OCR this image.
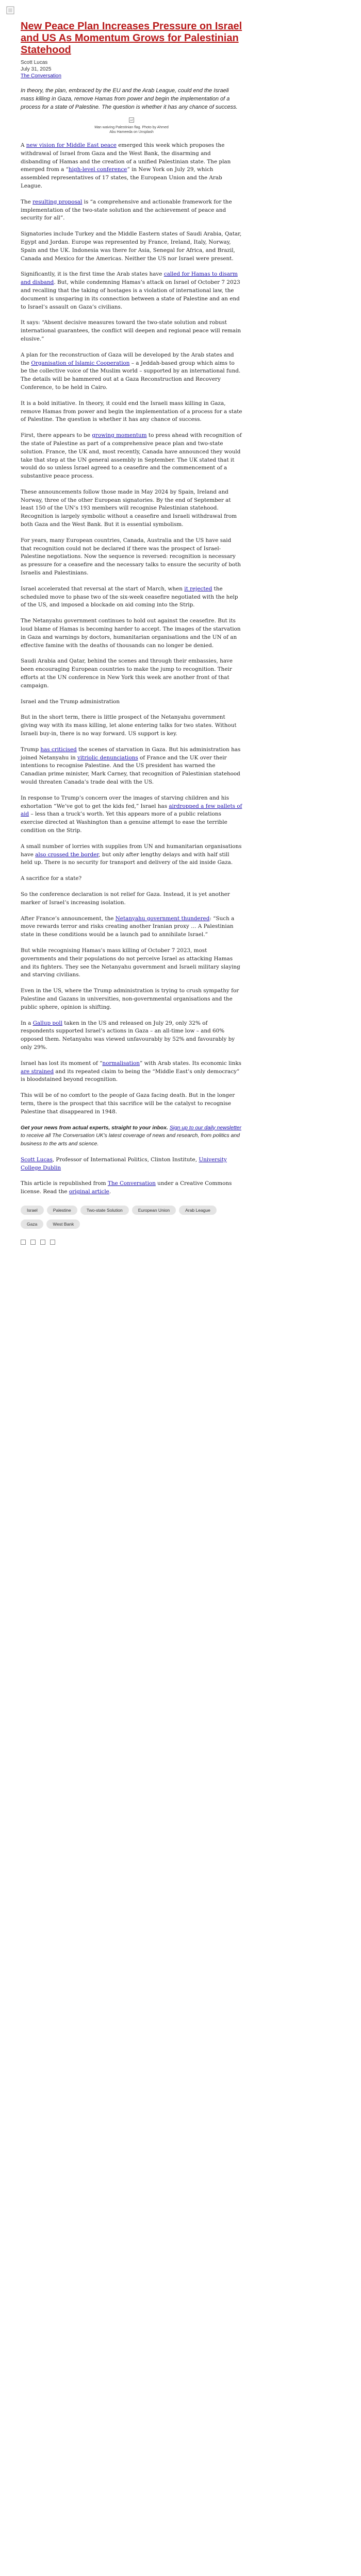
New Peace Plan Increases Pressure on Israel and US As Momentum Grows for Palestinian Statehood
Scott Lucas
July 31, 2025
The Conversation
In theory, the plan, embraced by the EU and the Arab League, could end the Israeli mass killing in Gaza, remove Hamas from power and begin the implementation of a process for a state of Palestine. The question is whether it has any chance of success.
Man waiving Palestinian flag. Photo by Ahmed Abu Hameeda on Unsplash

A new vision for Middle East peace emerged this week which proposes the withdrawal of Israel from Gaza and the West Bank, the disarming and disbanding of Hamas and the creation of a unified Palestinian state. The plan emerged from a “high-level conference” in New York on July 29, which assembled representatives of 17 states, the European Union and the Arab League.

The resulting proposal is “a comprehensive and actionable framework for the implementation of the two-state solution and the achievement of peace and security for all”.

Signatories include Turkey and the Middle Eastern states of Saudi Arabia, Qatar, Egypt and Jordan. Europe was represented by France, Ireland, Italy, Norway, Spain and the UK. Indonesia was there for Asia, Senegal for Africa, and Brazil, Canada and Mexico for the Americas. Neither the US nor Israel were present.

Significantly, it is the first time the Arab states have called for Hamas to disarm and disband. But, while condemning Hamas’s attack on Israel of October 7 2023 and recalling that the taking of hostages is a violation of international law, the document is unsparing in its connection between a state of Palestine and an end to Israel’s assault on Gaza’s civilians.

It says: “Absent decisive measures toward the two-state solution and robust international guarantees, the conflict will deepen and regional peace will remain elusive.”

A plan for the reconstruction of Gaza will be developed by the Arab states and the Organisation of Islamic Cooperation – a Jeddah-based group which aims to be the collective voice of the Muslim world – supported by an international fund. The details will be hammered out at a Gaza Reconstruction and Recovery Conference, to be held in Cairo.

It is a bold initiative. In theory, it could end the Israeli mass killing in Gaza, remove Hamas from power and begin the implementation of a process for a state of Palestine. The question is whether it has any chance of success.

First, there appears to be growing momentum to press ahead with recognition of the state of Palestine as part of a comprehensive peace plan and two-state solution. France, the UK and, most recently, Canada have announced they would take that step at the UN general assembly in September. The UK stated that it would do so unless Israel agreed to a ceasefire and the commencement of a substantive peace process.

These announcements follow those made in May 2024 by Spain, Ireland and Norway, three of the other European signatories. By the end of September at least 150 of the UN’s 193 members will recognise Palestinian statehood. Recognition is largely symbolic without a ceasefire and Israeli withdrawal from both Gaza and the West Bank. But it is essential symbolism.

For years, many European countries, Canada, Australia and the US have said that recognition could not be declared if there was the prospect of Israel-Palestine negotiations. Now the sequence is reversed: recognition is necessary as pressure for a ceasefire and the necessary talks to ensure the security of both Israelis and Palestinians.

Israel accelerated that reversal at the start of March, when it rejected the scheduled move to phase two of the six-week ceasefire negotiated with the help of the US, and imposed a blockade on aid coming into the Strip.

The Netanyahu government continues to hold out against the ceasefire. But its loud blame of Hamas is becoming harder to accept. The images of the starvation in Gaza and warnings by doctors, humanitarian organisations and the UN of an effective famine with the deaths of thousands can no longer be denied.

Saudi Arabia and Qatar, behind the scenes and through their embassies, have been encouraging European countries to make the jump to recognition. Their efforts at the UN conference in New York this week are another front of that campaign.

Israel and the Trump administration

But in the short term, there is little prospect of the Netanyahu government giving way with its mass killing, let alone entering talks for two states. Without Israeli buy-in, there is no way forward. US support is key.

Trump has criticised the scenes of starvation in Gaza. But his administration has joined Netanyahu in vitriolic denunciations of France and the UK over their intentions to recognise Palestine. And the US president has warned the Canadian prime minister, Mark Carney, that recognition of Palestinian statehood would threaten Canada’s trade deal with the US.

In response to Trump’s concern over the images of starving children and his exhortation “We’ve got to get the kids fed,” Israel has airdropped a few pallets of aid – less than a truck’s worth. Yet this appears more of a public relations exercise directed at Washington than a genuine attempt to ease the terrible condition on the Strip.

A small number of lorries with supplies from UN and humanitarian organisations have also crossed the border, but only after lengthy delays and with half still held up. There is no security for transport and delivery of the aid inside Gaza.

A sacrifice for a state?

So the conference declaration is not relief for Gaza. Instead, it is yet another marker of Israel’s increasing isolation.

After France’s announcement, the Netanyahu government thundered: “Such a move rewards terror and risks creating another Iranian proxy … A Palestinian state in these conditions would be a launch pad to annihilate Israel.”

But while recognising Hamas’s mass killing of October 7 2023, most governments and their populations do not perceive Israel as attacking Hamas and its fighters. They see the Netanyahu government and Israeli military slaying and starving civilians.

Even in the US, where the Trump administration is trying to crush sympathy for Palestine and Gazans in universities, non-governmental organisations and the public sphere, opinion is shifting.

In a Gallup poll taken in the US and released on July 29, only 32% of respondents supported Israel’s actions in Gaza – an all-time low – and 60% opposed them. Netanyahu was viewed unfavourably by 52% and favourably by only 29%.

Israel has lost its moment of “normalisation” with Arab states. Its economic links are strained and its repeated claim to being the “Middle East’s only democracy” is bloodstained beyond recognition.

This will be of no comfort to the people of Gaza facing death. But in the longer term, there is the prospect that this sacrifice will be the catalyst to recognise Palestine that disappeared in 1948.

Get your news from actual experts, straight to your inbox. Sign up to our daily newsletter to receive all The Conversation UK’s latest coverage of news and research, from politics and business to the arts and science.

Scott Lucas, Professor of International Politics, Clinton Institute, University College Dublin

This article is republished from The Conversation under a Creative Commons license. Read the original article.

Israel	Palestine	Two-state Solution	European Union	Arab LeagueGaza	West Bank
